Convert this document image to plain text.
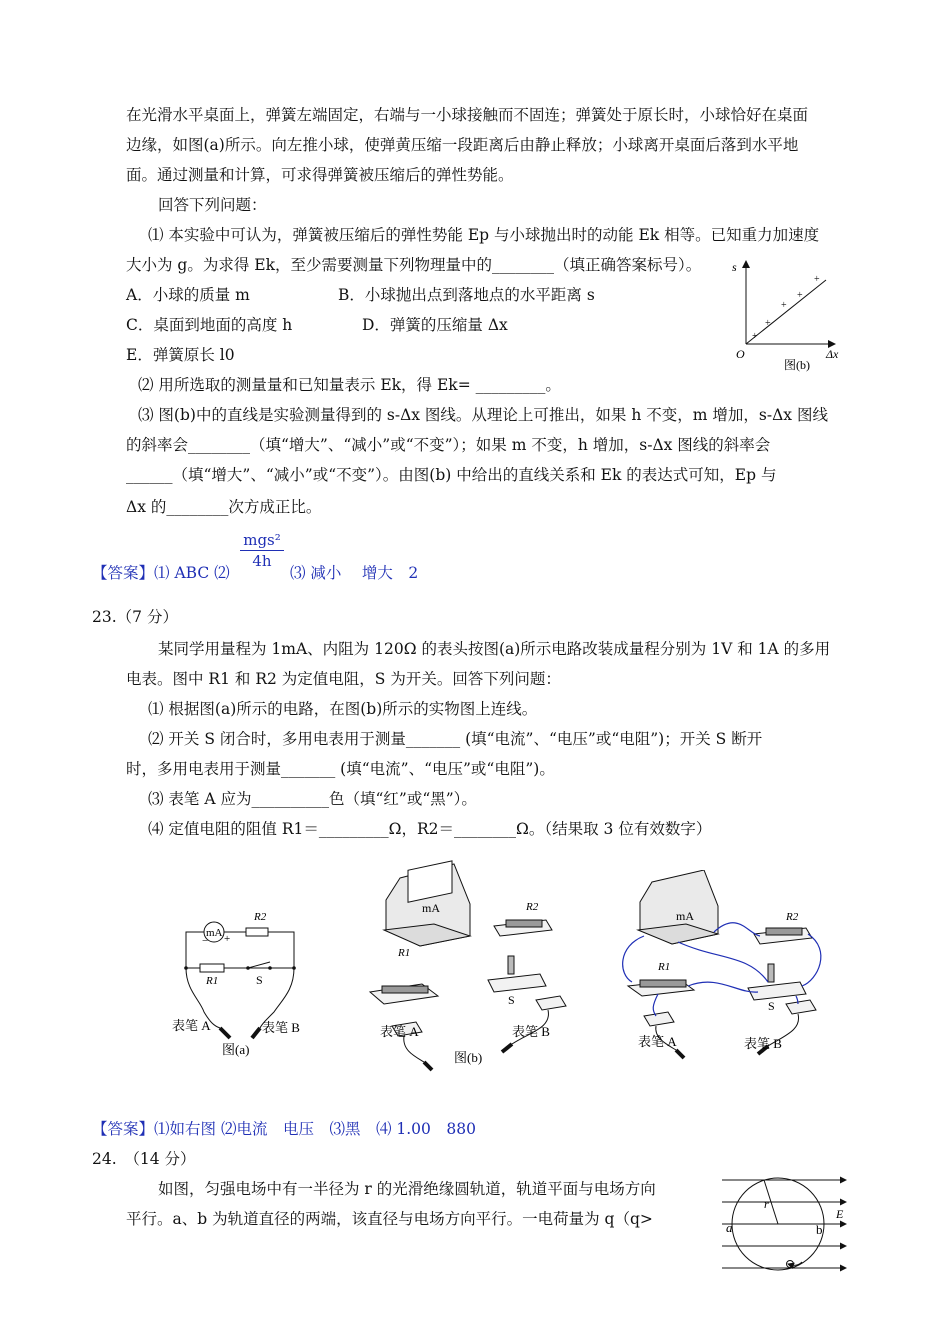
在光滑水平桌面上，弹簧左端固定，右端与一小球接触而不固连；弹簧处于原长时，小球恰好在桌面
边缘，如图(a)所示。向左推小球，使弹黄压缩一段距离后由静止释放；小球离开桌面后落到水平地
面。通过测量和计算，可求得弹簧被压缩后的弹性势能。
回答下列问题：
⑴ 本实验中可认为，弹簧被压缩后的弹性势能 Ep 与小球抛出时的动能 Ek 相等。已知重力加速度
大小为 g。为求得 Ek，至少需要测量下列物理量中的________（填正确答案标号）。
A．小球的质量 m	B．小球抛出点到落地点的水平距离 s
C．桌面到地面的高度 h	D．弹簧的压缩量 Δx
E．弹簧原长 l0
⑵ 用所选取的测量量和已知量表示 Ek，得 Ek= _________。
⑶ 图(b)中的直线是实验测量得到的 s-Δx 图线。从理论上可推出，如果 h 不变，m 增加，s-Δx 图线
的斜率会________（填“增大”、“减小”或“不变”）；如果 m 不变，h 增加，s-Δx 图线的斜率会
______（填“增大”、“减小”或“不变”）。由图(b) 中给出的直线关系和 Ek 的表达式可知，Ep 与
Δx 的________次方成正比。
+
+
+
+
+
s
O	Δx
图(b)
【答案】⑴ ABC ⑵
mgs²
4h
⑶ 减小　 增大　2
23.（7 分）
某同学用量程为 1mA、内阻为 120Ω 的表头按图(a)所示电路改装成量程分别为 1V 和 1A 的多用
电表。图中 R1 和 R2 为定值电阻，S 为开关。回答下列问题：
⑴ 根据图(a)所示的电路，在图(b)所示的实物图上连线。
⑵ 开关 S 闭合时，多用电表用于测量_______ (填“电流”、“电压”或“电阻”)；开关 S 断开
时，多用电表用于测量_______ (填“电流”、“电压”或“电阻”)。
⑶ 表笔 A 应为__________色（填“红”或“黑”）。
⑷ 定值电阻的阻值 R1＝_________Ω，R2＝________Ω。（结果取 3 位有效数字）
mA
− +
R2
R1	S
表笔 A	表笔 B
图(a)
mA
R1
R2
S
表笔 A	表笔 B
图(b)
mA
R1
R2
S
表笔 A	表笔 B
【答案】⑴如右图 ⑵电流　电压　⑶黑　⑷ 1.00　880
24.　（14 分）
如图，匀强电场中有一半径为 r 的光滑绝缘圆轨道，轨道平面与电场方向
平行。a、b 为轨道直径的两端，该直径与电场方向平行。一电荷量为 q（q>
r
a	b
E
